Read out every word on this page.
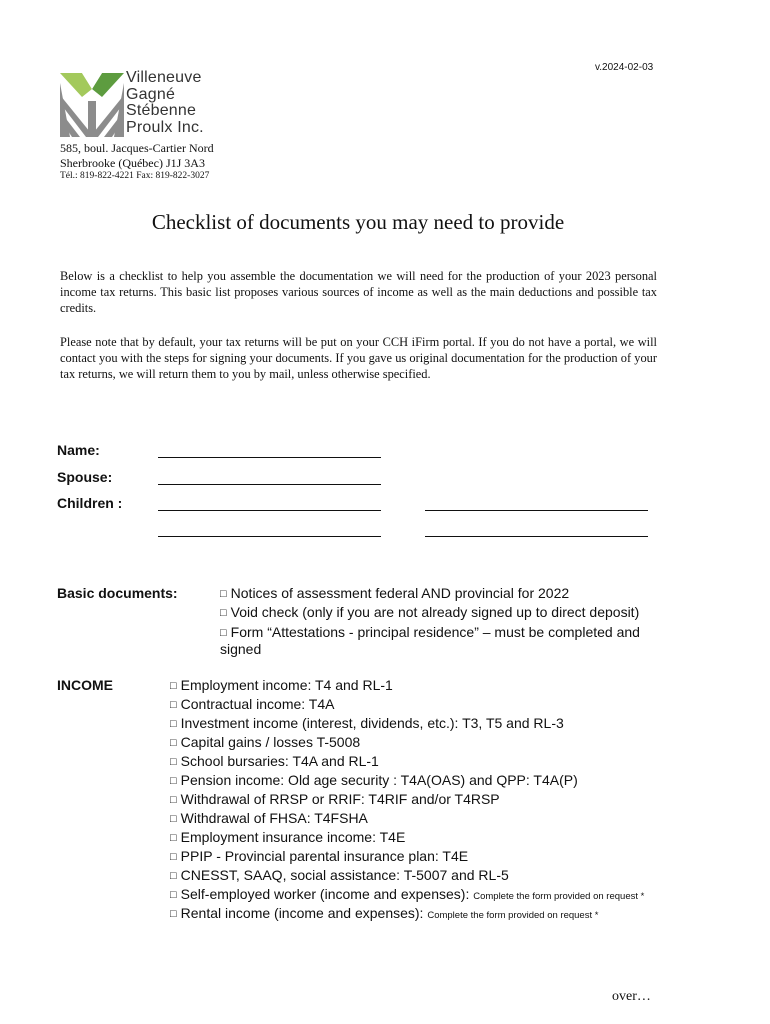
v.2024-02-03
Villeneuve
Gagné
Stébenne
Proulx Inc.
585, boul. Jacques-Cartier Nord
Sherbrooke (Québec) J1J 3A3
Tél.: 819-822-4221 Fax: 819-822-3027
Checklist of documents you may need to provide
Below is a checklist to help you assemble the documentation we will need for the production of your 2023 personal income tax returns. This basic list proposes various sources of income as well as the main deductions and possible tax credits.
Please note that by default, your tax returns will be put on your CCH iFirm portal. If you do not have a portal, we will contact you with the steps for signing your documents. If you gave us original documentation for the production of your tax returns, we will return them to you by mail, unless otherwise specified.
Name:
Spouse:
Children :
Basic documents:	□ Notices of assessment federal AND provincial for 2022
□ Void check (only if you are not already signed up to direct deposit)
□ Form “Attestations - principal residence” – must be completed and
signed
INCOME	□ Employment income: T4 and RL-1
□ Contractual income: T4A
□ Investment income (interest, dividends, etc.): T3, T5 and RL-3
□ Capital gains / losses T-5008
□ School bursaries: T4A and RL-1
□ Pension income: Old age security : T4A(OAS) and QPP: T4A(P)
□ Withdrawal of RRSP or RRIF: T4RIF and/or T4RSP
□ Withdrawal of FHSA: T4FSHA
□ Employment insurance income: T4E
□ PPIP - Provincial parental insurance plan: T4E
□ CNESST, SAAQ, social assistance: T-5007 and RL-5
□ Self-employed worker (income and expenses): Complete the form provided on request *
□ Rental income (income and expenses): Complete the form provided on request *
over…
